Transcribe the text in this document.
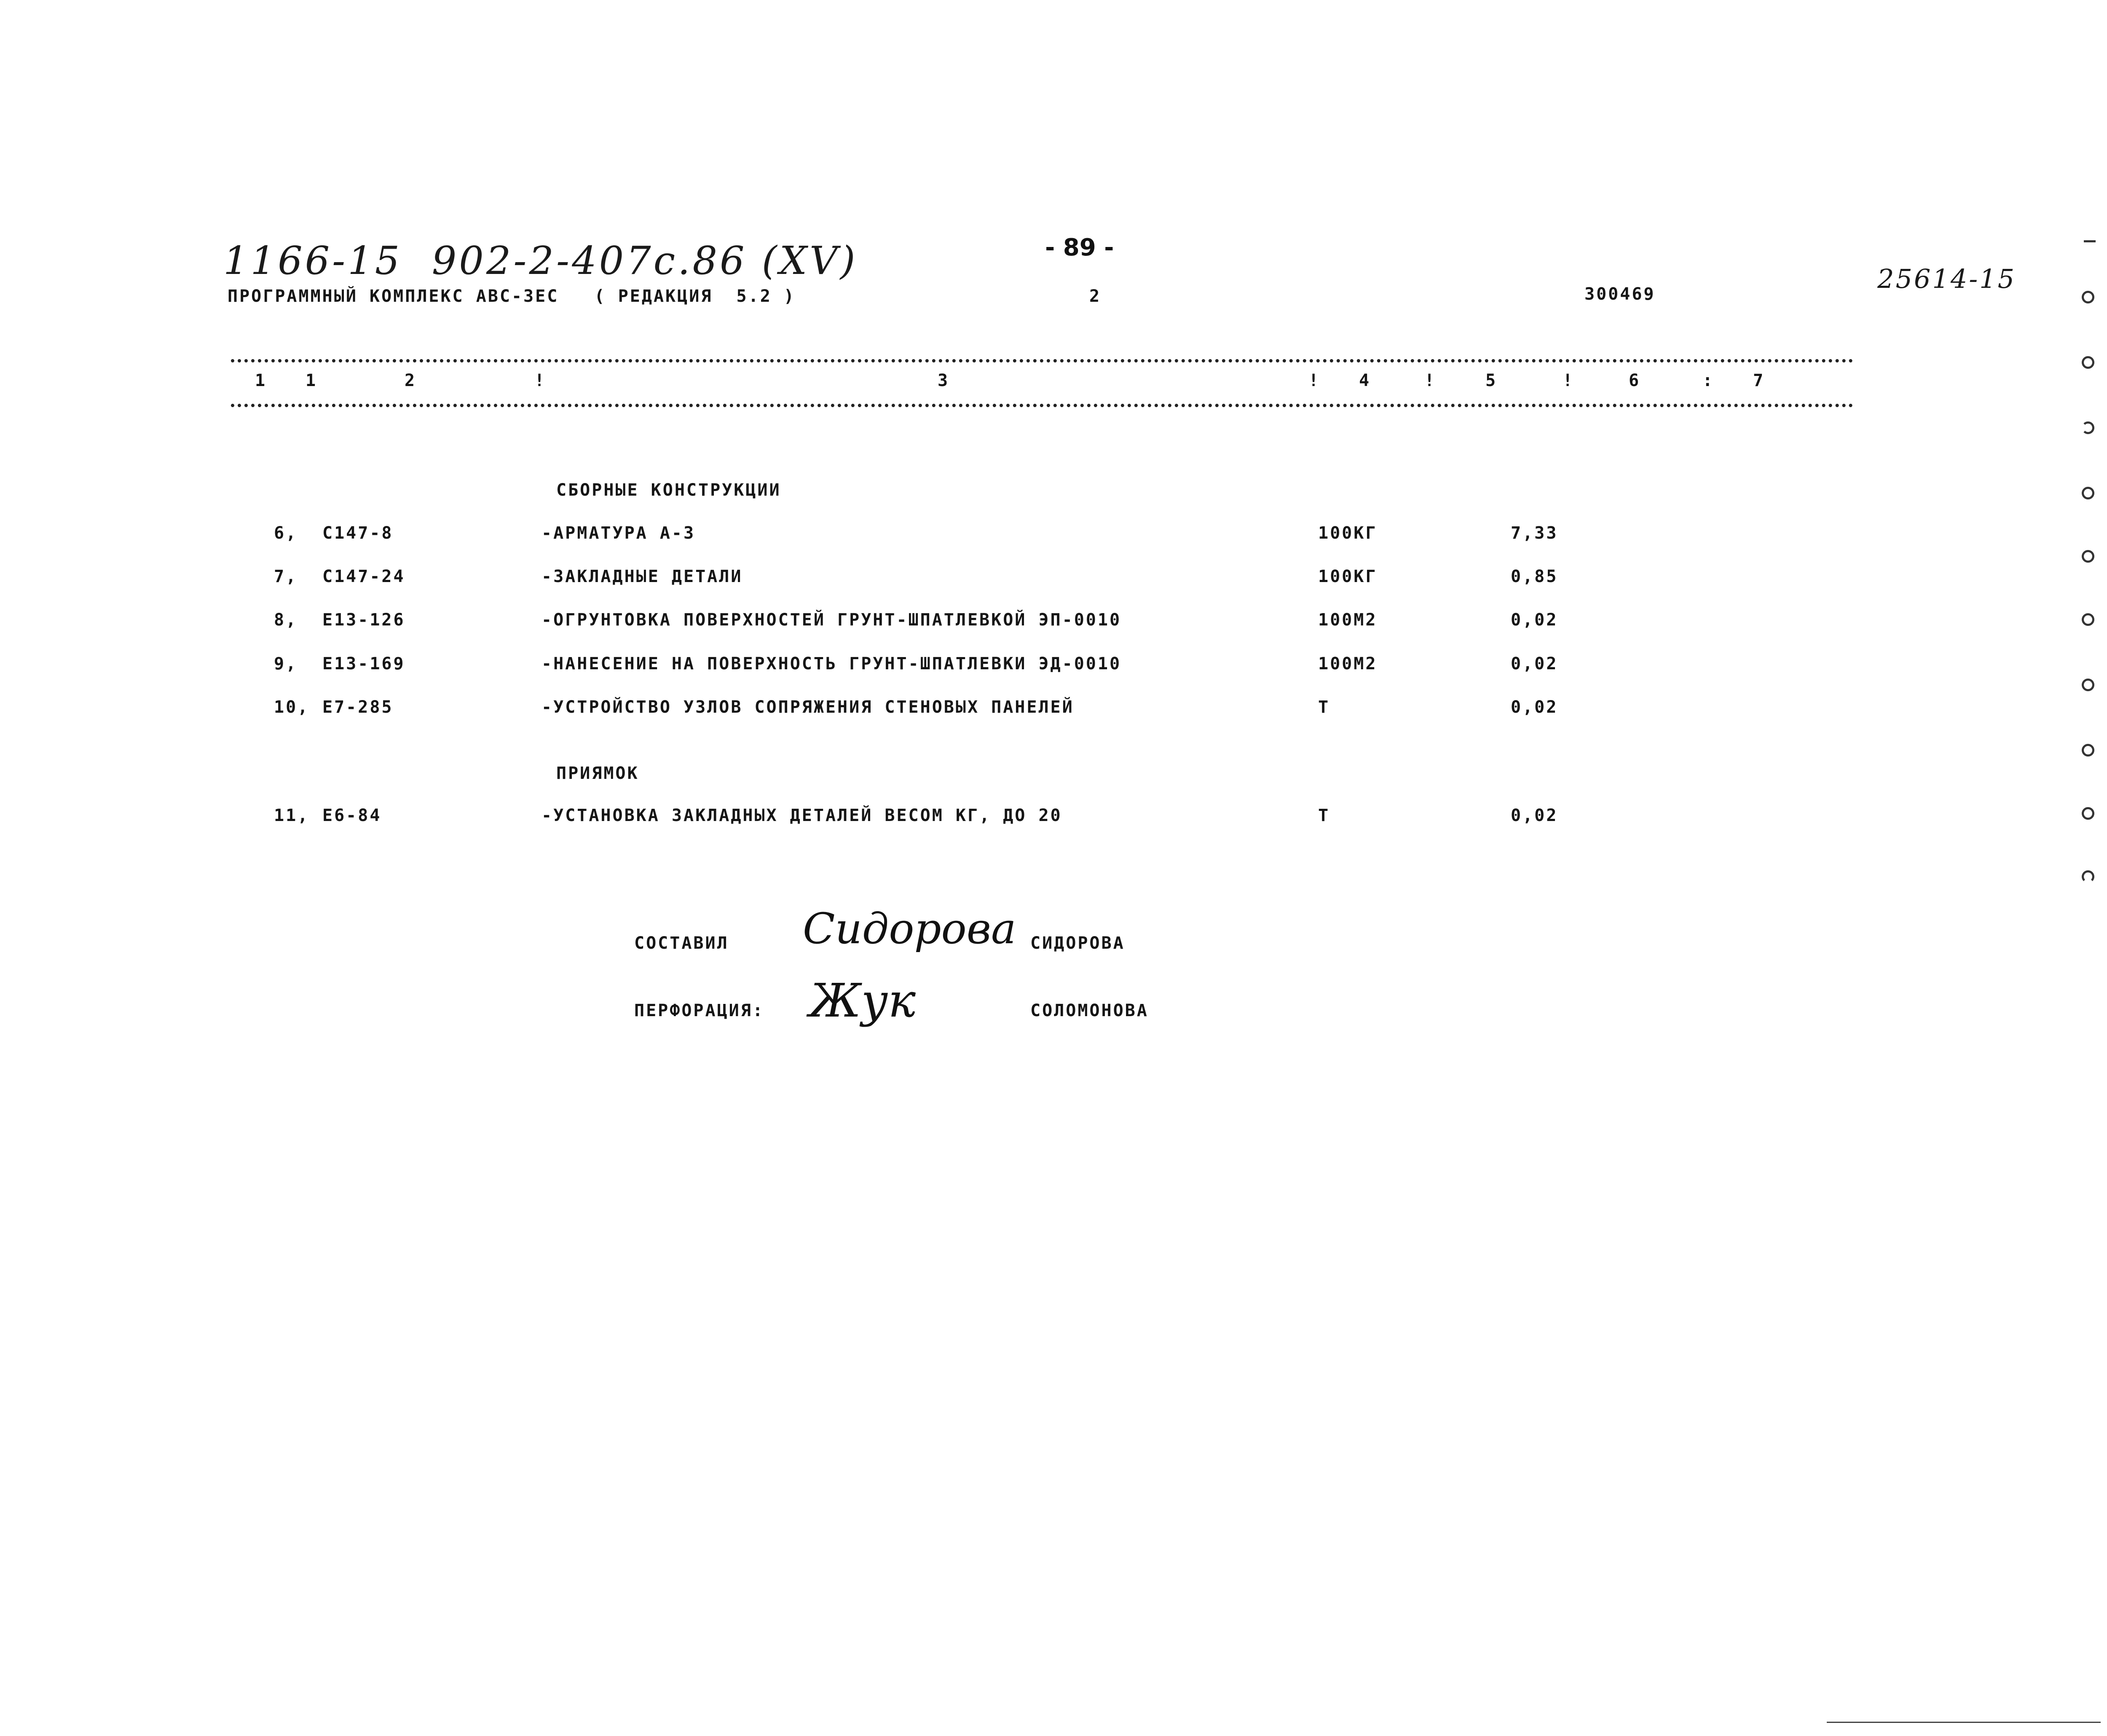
1166-15  902-2-407c.86 (XV)	- 89 -
25614-15
ПРОГРАММНЫЙ КОМПЛЕКС АВС-3ЕС   ( РЕДАКЦИЯ  5.2 )	2	300469
1 1	2	!	3	! 4	!	5	!	6	: 7
СБОРНЫЕ КОНСТРУКЦИИ
6, С147-8	-АРМАТУРА А-3	100КГ	7,33
7, С147-24	-ЗАКЛАДНЫЕ ДЕТАЛИ	100КГ	0,85
8, Е13-126	-ОГРУНТОВКА ПОВЕРХНОСТЕЙ ГРУНТ-ШПАТЛЕВКОЙ ЭП-0010	100М2	0,02
9, Е13-169	-НАНЕСЕНИЕ НА ПОВЕРХНОСТЬ ГРУНТ-ШПАТЛЕВКИ ЭД-0010	100М2	0,02
10, Е7-285	-УСТРОЙСТВО УЗЛОВ СОПРЯЖЕНИЯ СТЕНОВЫХ ПАНЕЛЕЙ	Т	0,02
ПРИЯМОК
11, Е6-84	-УСТАНОВКА ЗАКЛАДНЫХ ДЕТАЛЕЙ ВЕСОМ КГ, ДО 20	Т	0,02
СОСТАВИЛ Сидорова СИДОРОВА
ПЕРФОРАЦИЯ: Жук	СОЛОМОНОВА
